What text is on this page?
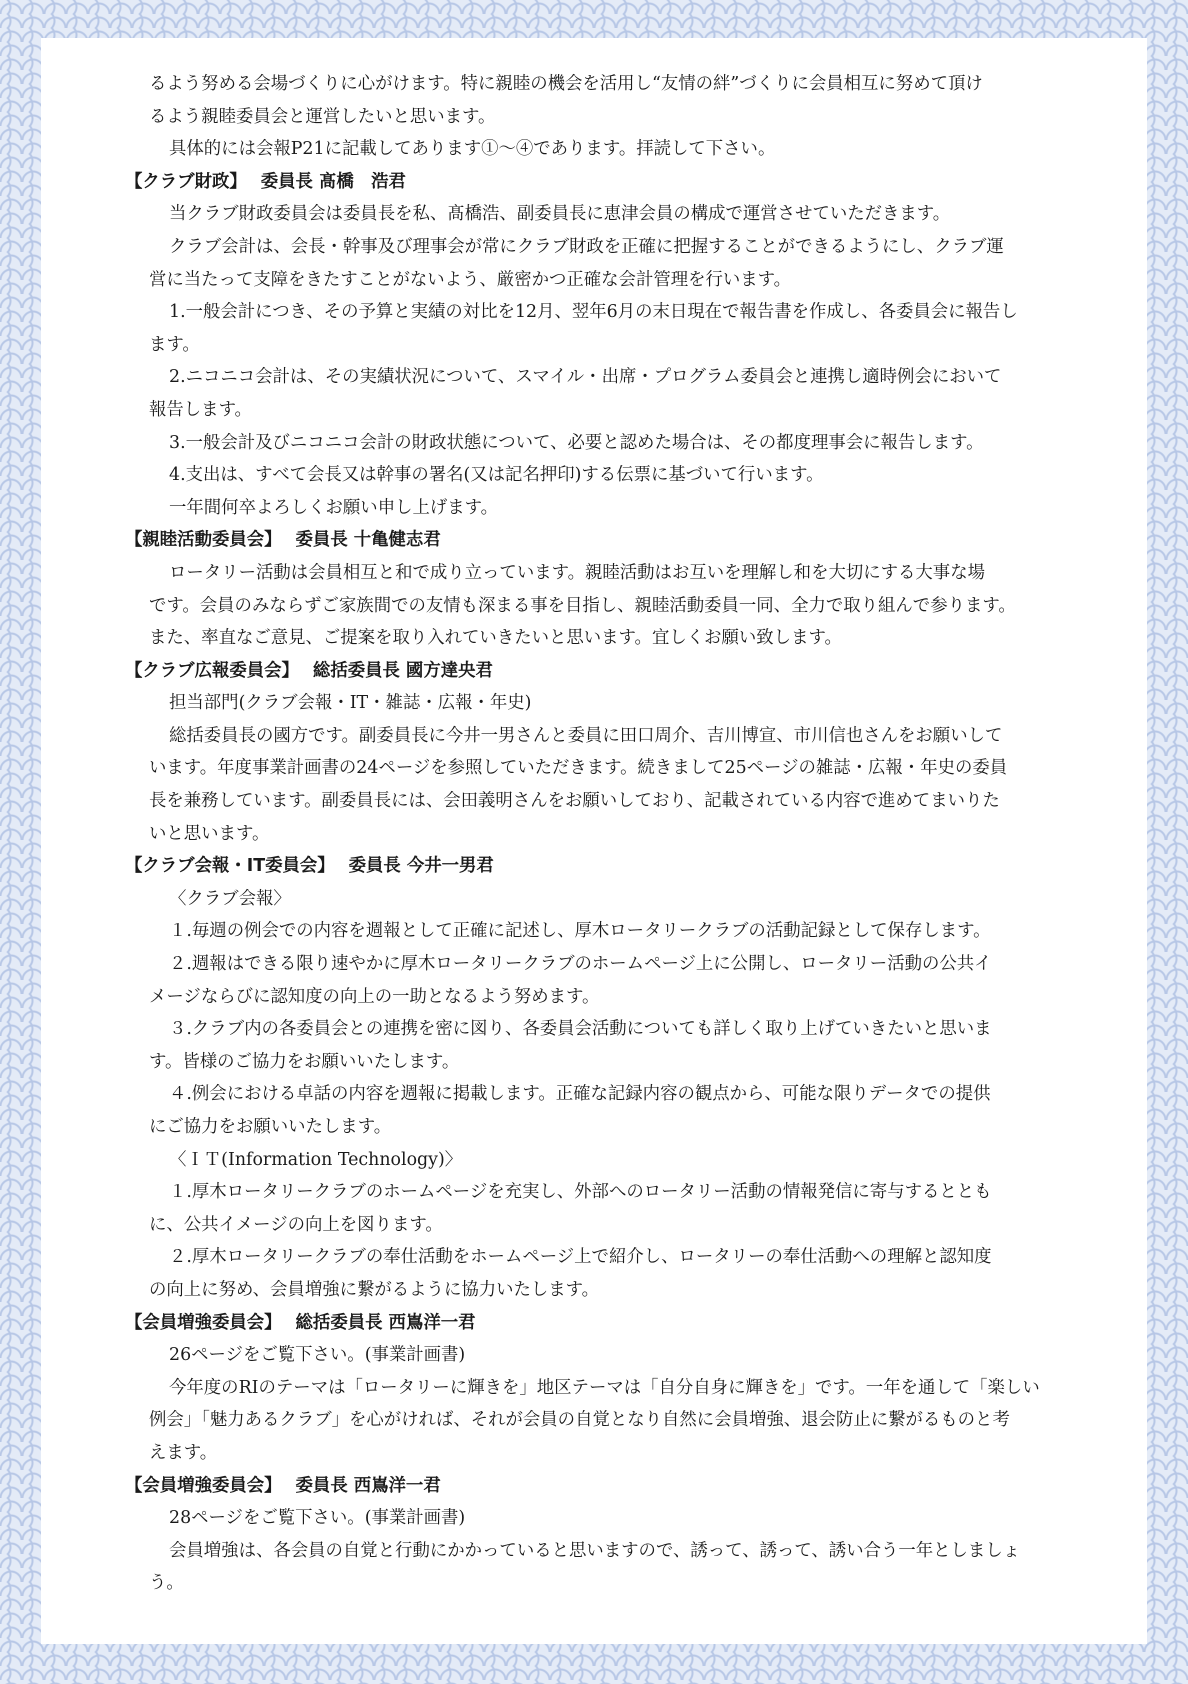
るよう努める会場づくりに心がけます。特に親睦の機会を活用し“友情の絆”づくりに会員相互に努めて頂け
るよう親睦委員会と運営したいと思います。
具体的には会報P21に記載してあります①〜④であります。拝読して下さい。
【クラブ財政】 委員長 髙橋　浩君
当クラブ財政委員会は委員長を私、髙橋浩、副委員長に恵津会員の構成で運営させていただきます。
クラブ会計は、会長・幹事及び理事会が常にクラブ財政を正確に把握することができるようにし、クラブ運
営に当たって支障をきたすことがないよう、厳密かつ正確な会計管理を行います。
1.一般会計につき、その予算と実績の対比を12月、翌年6月の末日現在で報告書を作成し、各委員会に報告し
ます。
2.ニコニコ会計は、その実績状況について、スマイル・出席・プログラム委員会と連携し適時例会において
報告します。
3.一般会計及びニコニコ会計の財政状態について、必要と認めた場合は、その都度理事会に報告します。
4.支出は、すべて会長又は幹事の署名(又は記名押印)する伝票に基づいて行います。
一年間何卒よろしくお願い申し上げます。
【親睦活動委員会】 委員長 十亀健志君
ロータリー活動は会員相互と和で成り立っています。親睦活動はお互いを理解し和を大切にする大事な場
です。会員のみならずご家族間での友情も深まる事を目指し、親睦活動委員一同、全力で取り組んで参ります。
また、率直なご意見、ご提案を取り入れていきたいと思います。宜しくお願い致します。
【クラブ広報委員会】 総括委員長 國方達央君
担当部門(クラブ会報・IT・雑誌・広報・年史)
総括委員長の國方です。副委員長に今井一男さんと委員に田口周介、吉川博宣、市川信也さんをお願いして
います。年度事業計画書の24ページを参照していただきます。続きまして25ページの雑誌・広報・年史の委員
長を兼務しています。副委員長には、会田義明さんをお願いしており、記載されている内容で進めてまいりた
いと思います。
【クラブ会報・IT委員会】 委員長 今井一男君
〈クラブ会報〉
１.毎週の例会での内容を週報として正確に記述し、厚木ロータリークラブの活動記録として保存します。
２.週報はできる限り速やかに厚木ロータリークラブのホームページ上に公開し、ロータリー活動の公共イ
メージならびに認知度の向上の一助となるよう努めます。
３.クラブ内の各委員会との連携を密に図り、各委員会活動についても詳しく取り上げていきたいと思いま
す。皆様のご協力をお願いいたします。
４.例会における卓話の内容を週報に掲載します。正確な記録内容の観点から、可能な限りデータでの提供
にご協力をお願いいたします。
〈ＩＴ(Information Technology)〉
１.厚木ロータリークラブのホームページを充実し、外部へのロータリー活動の情報発信に寄与するととも
に、公共イメージの向上を図ります。
２.厚木ロータリークラブの奉仕活動をホームページ上で紹介し、ロータリーの奉仕活動への理解と認知度
の向上に努め、会員増強に繋がるように協力いたします。
【会員増強委員会】 総括委員長 西嶌洋一君
26ページをご覧下さい。(事業計画書)
今年度のRIのテーマは「ロータリーに輝きを」地区テーマは「自分自身に輝きを」です。一年を通して「楽しい
例会」「魅力あるクラブ」を心がければ、それが会員の自覚となり自然に会員増強、退会防止に繋がるものと考
えます。
【会員増強委員会】 委員長 西嶌洋一君
28ページをご覧下さい。(事業計画書)
会員増強は、各会員の自覚と行動にかかっていると思いますので、誘って、誘って、誘い合う一年としましょ
う。
